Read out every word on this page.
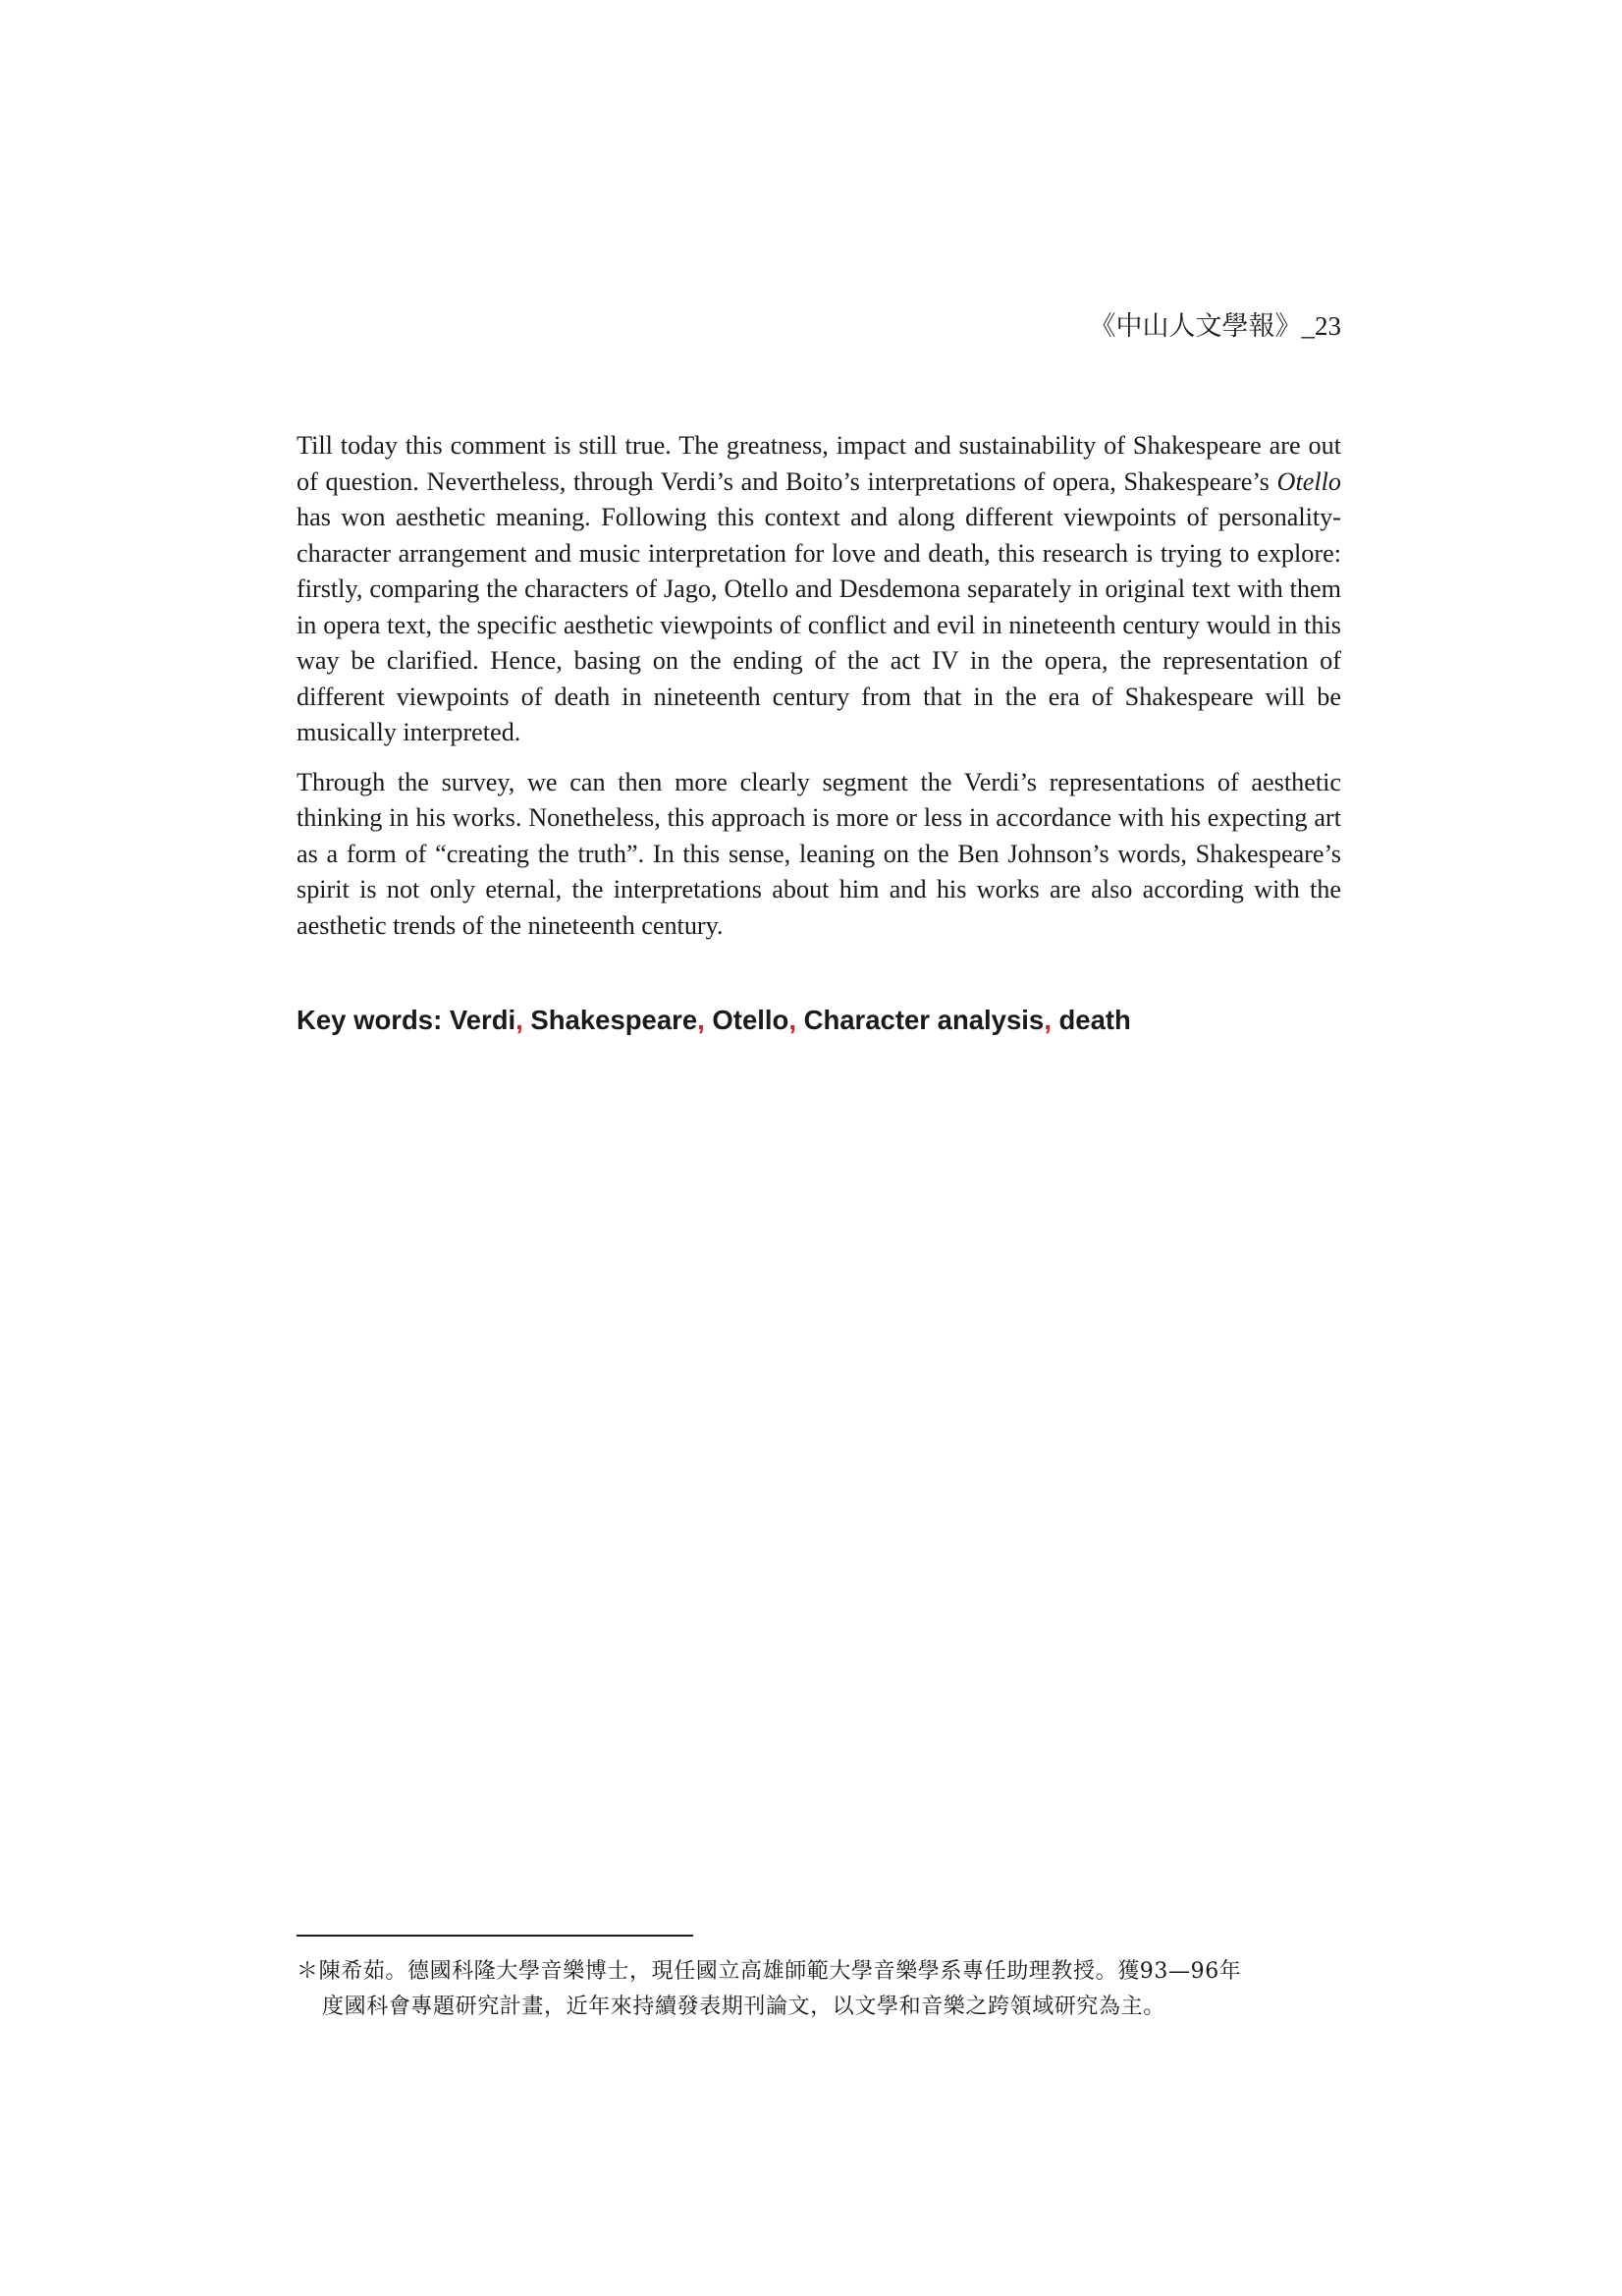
《中山人文學報》_23

Till today this comment is still true. The greatness, impact and sustainability of Shakespeare are out of question. Nevertheless, through Verdi’s and Boito’s interpretations of opera, Shakespeare’s Otello has won aesthetic meaning. Following this context and along different viewpoints of personality-character arrangement and music interpretation for love and death, this research is trying to explore: firstly, comparing the characters of Jago, Otello and Desdemona separately in original text with them in opera text, the specific aesthetic viewpoints of conflict and evil in nineteenth century would in this way be clarified. Hence, basing on the ending of the act IV in the opera, the representation of different viewpoints of death in nineteenth century from that in the era of Shakespeare will be musically interpreted.

Through the survey, we can then more clearly segment the Verdi’s representations of aesthetic thinking in his works. Nonetheless, this approach is more or less in accordance with his expecting art as a form of “creating the truth”. In this sense, leaning on the Ben Johnson’s words, Shakespeare’s spirit is not only eternal, the interpretations about him and his works are also according with the aesthetic trends of the nineteenth century.

Key words: Verdi, Shakespeare, Otello, Character analysis, death
＊陳希茹。德國科隆大學音樂博士，現任國立高雄師範大學音樂學系專任助理教授。獲93—96年
度國科會專題研究計畫，近年來持續發表期刊論文，以文學和音樂之跨領域研究為主。
